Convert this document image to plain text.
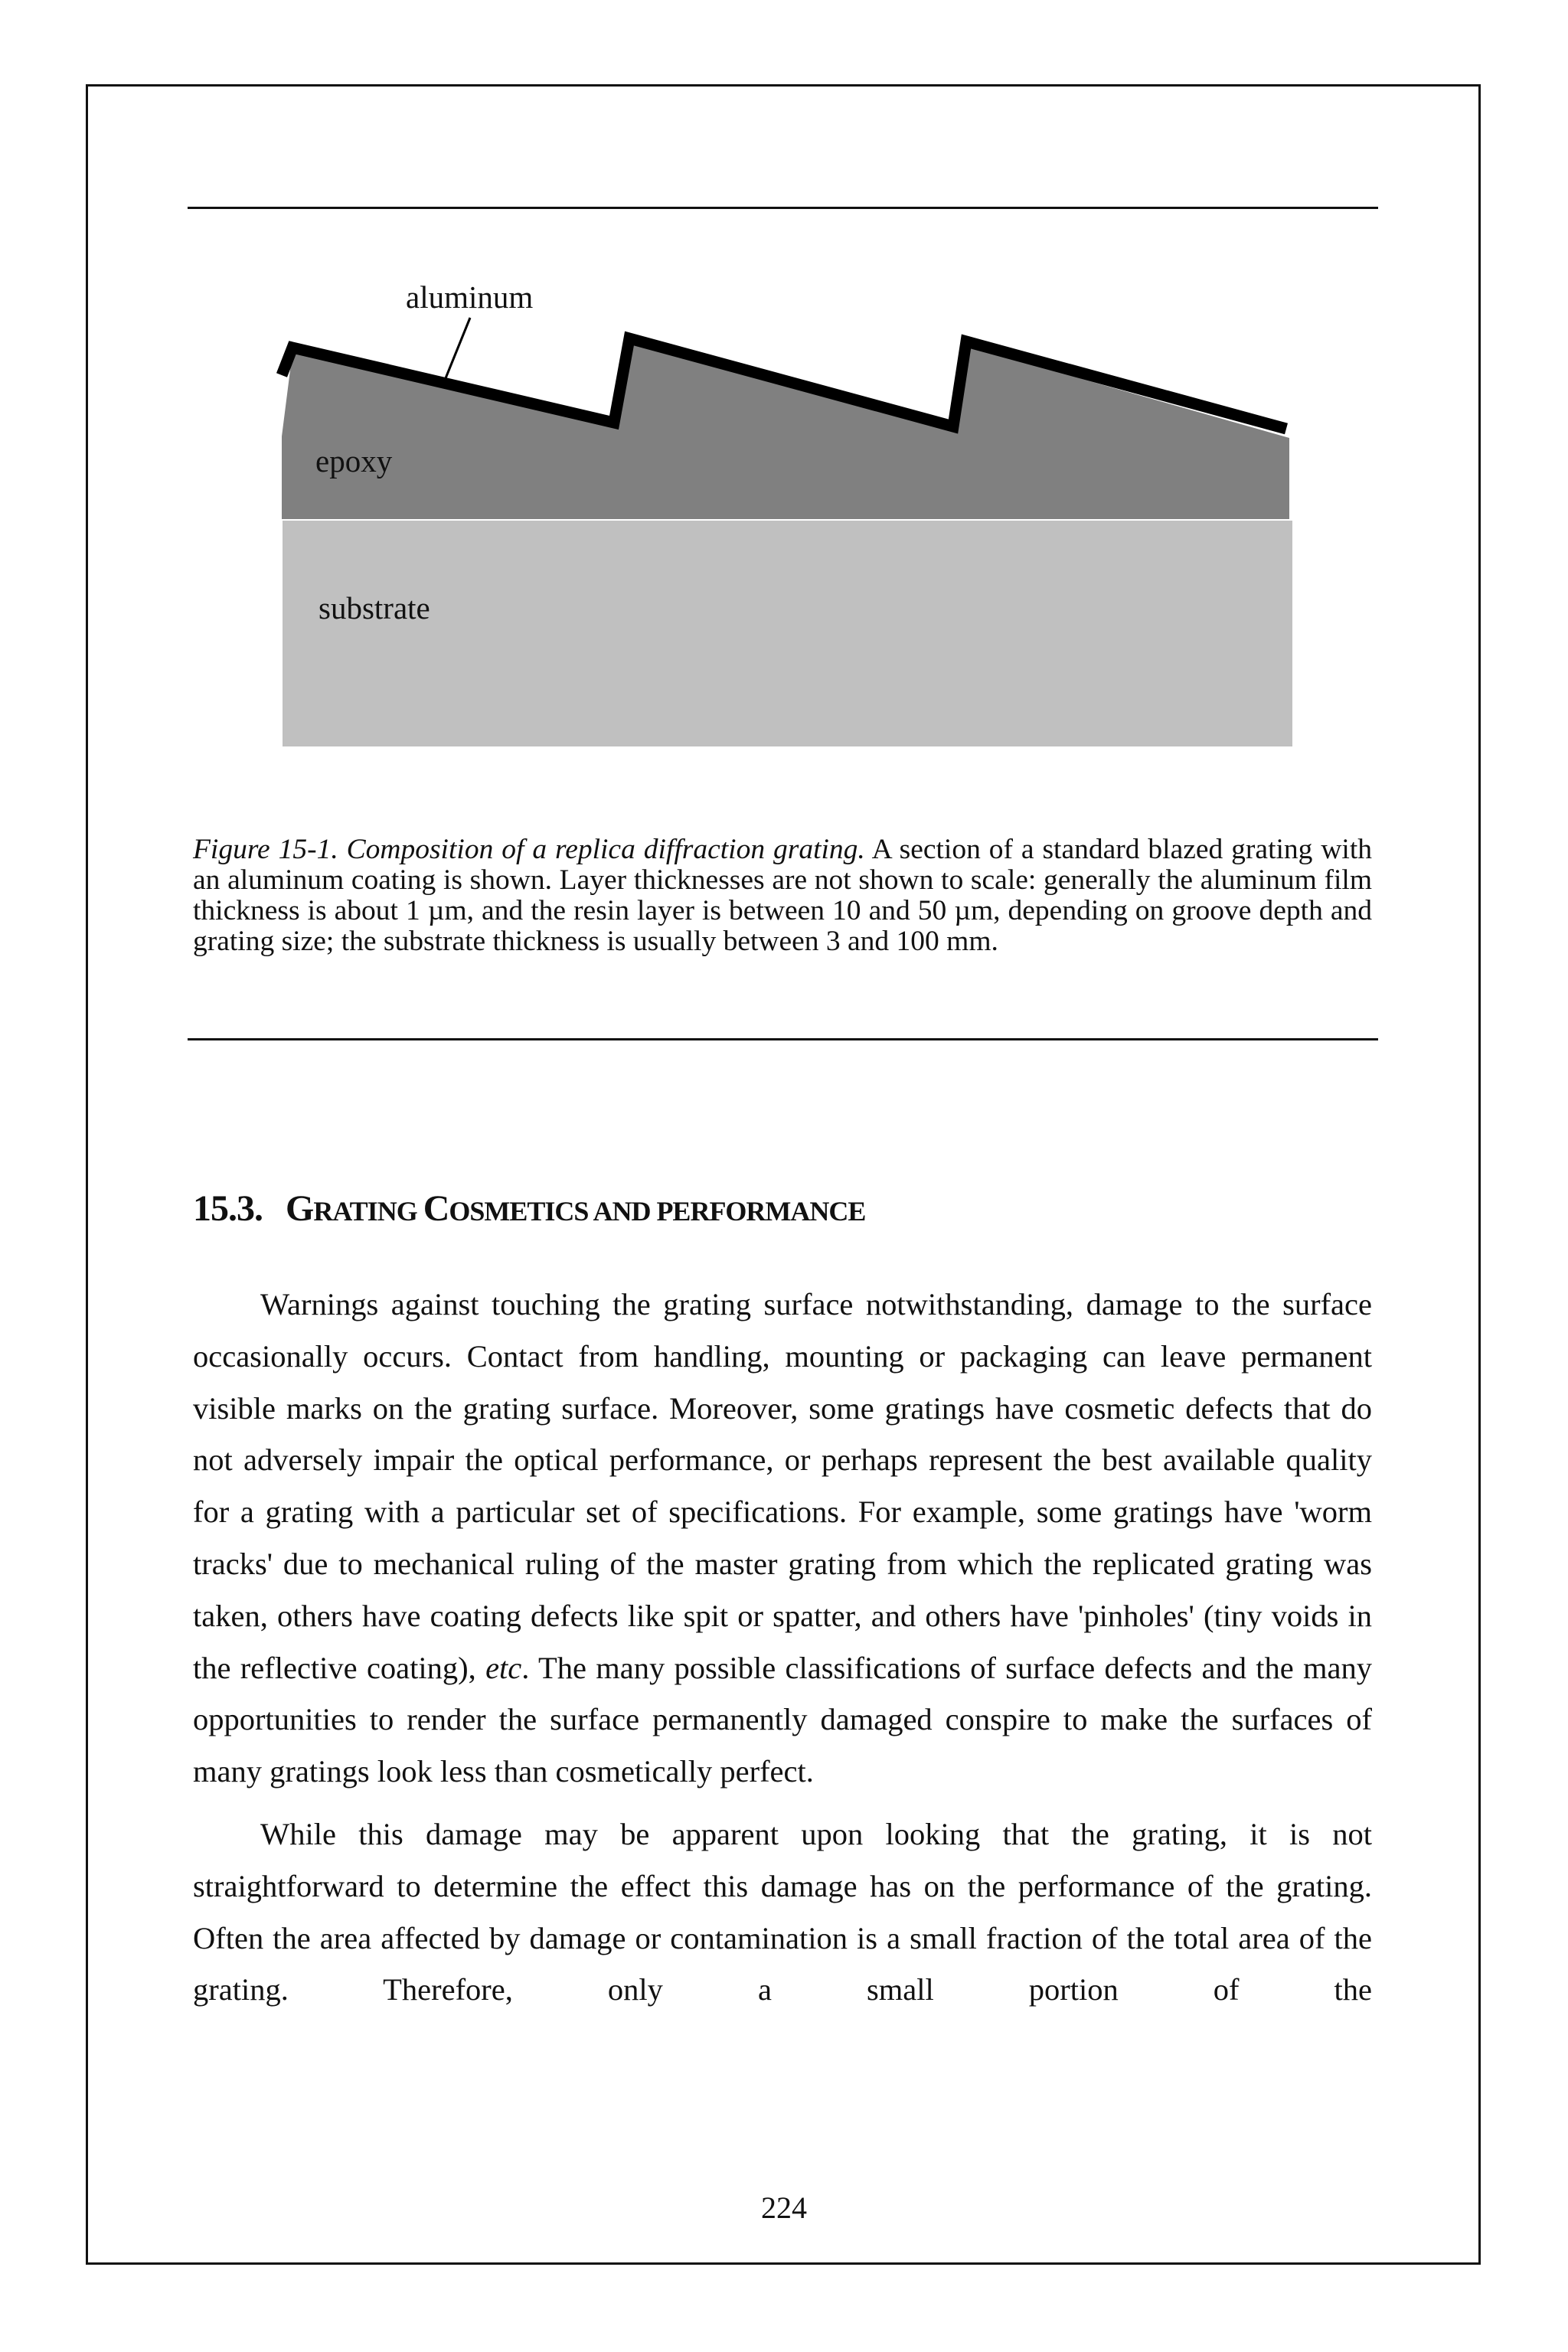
aluminum
epoxy
substrate
Figure 15-1. Composition of a replica diffraction grating. A section of a standard blazed grating with an aluminum coating is shown. Layer thicknesses are not shown to scale: generally the aluminum film thickness is about 1 µm, and the resin layer is between 10 and 50 µm, depending on groove depth and grating size; the substrate thickness is usually between 3 and 100 mm.
15.3. GRATING COSMETICS AND PERFORMANCE

Warnings against touching the grating surface notwithstanding, damage to the surface occasionally occurs. Contact from handling, mounting or packaging can leave permanent visible marks on the grating surface. Moreover, some gratings have cosmetic defects that do not adversely impair the optical performance, or perhaps represent the best available quality for a grating with a particular set of specifications. For example, some gratings have 'worm tracks' due to mechanical ruling of the master grating from which the replicated grating was taken, others have coating defects like spit or spatter, and others have 'pinholes' (tiny voids in the reflective coating), etc. The many possible classifications of surface defects and the many opportunities to render the surface permanently damaged conspire to make the surfaces of many gratings look less than cosmetically perfect.

While this damage may be apparent upon looking that the grating, it is not straightforward to determine the effect this damage has on the performance of the grating. Often the area affected by damage or contamination is a small fraction of the total area of the grating. Therefore, only a small portion of the

224
